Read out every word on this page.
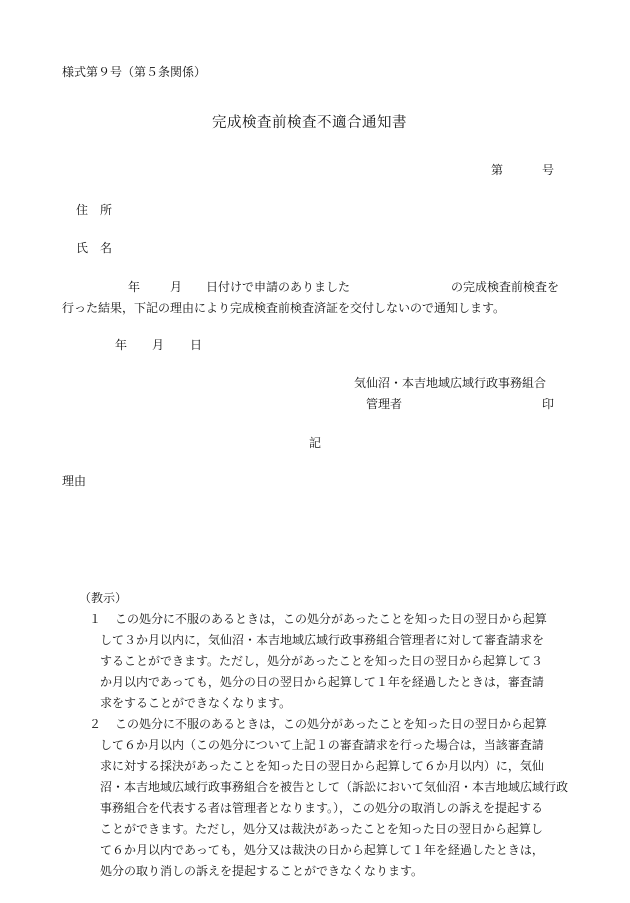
様式第９号（第５条関係）
完成検査前検査不適合通知書
第	号
住　所
氏　名
年 月 日付けで申請のありました	の完成検査前検査を
行った結果，下記の理由により完成検査前検査済証を交付しないので通知します。
年 月 日
気仙沼・本吉地域広域行政事務組合
管理者	印
記
理由
（教示）
１ この処分に不服のあるときは，この処分があったことを知った日の翌日から起算
して３か月以内に，気仙沼・本吉地域広域行政事務組合管理者に対して審査請求を
することができます。ただし，処分があったことを知った日の翌日から起算して３
か月以内であっても，処分の日の翌日から起算して１年を経過したときは，審査請
求をすることができなくなります。
２ この処分に不服のあるときは，この処分があったことを知った日の翌日から起算
して６か月以内（この処分について上記１の審査請求を行った場合は，当該審査請
求に対する採決があったことを知った日の翌日から起算して６か月以内）に，気仙
沼・本吉地域広域行政事務組合を被告として（訴訟において気仙沼・本吉地域広域行政
事務組合を代表する者は管理者となります。），この処分の取消しの訴えを提起する
ことができます。ただし，処分又は裁決があったことを知った日の翌日から起算し
て６か月以内であっても，処分又は裁決の日から起算して１年を経過したときは，
処分の取り消しの訴えを提起することができなくなります。
